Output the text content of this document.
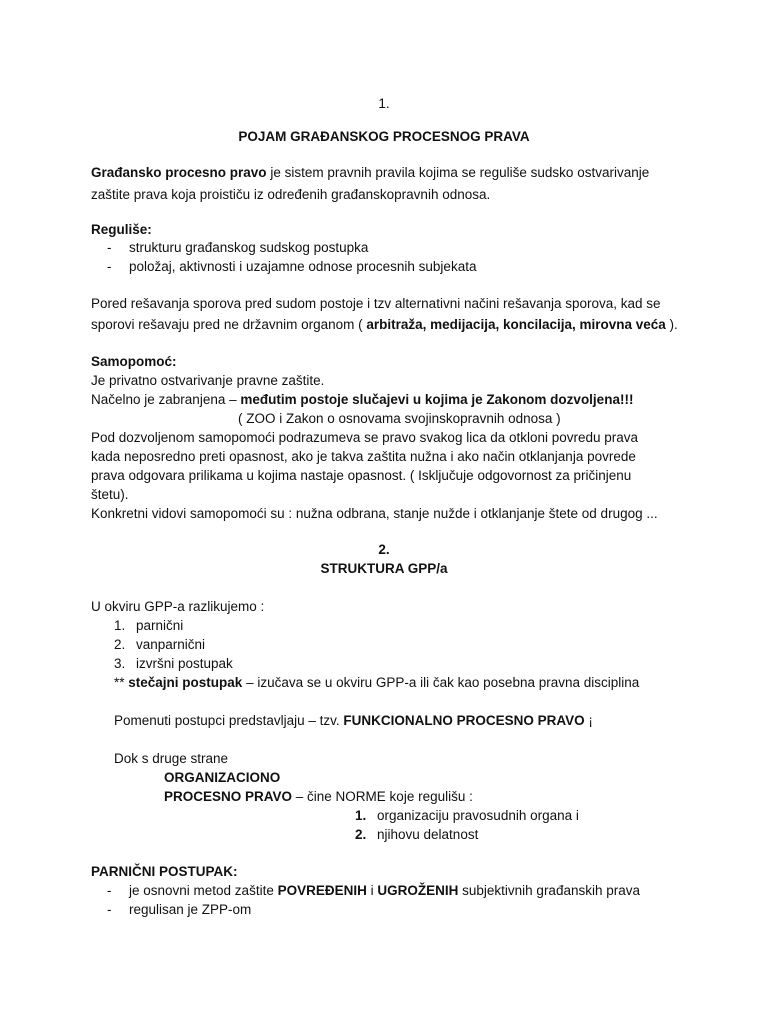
1.
POJAM GRAĐANSKOG PROCESNOG PRAVA
Građansko procesno pravo je sistem pravnih pravila kojima se reguliše sudsko ostvarivanje
zaštite prava koja proističu iz određenih građanskopravnih odnosa.
Reguliše:
- strukturu građanskog sudskog postupka
- položaj, aktivnosti i uzajamne odnose procesnih subjekata
Pored rešavanja sporova pred sudom postoje i tzv alternativni načini rešavanja sporova, kad se
sporovi rešavaju pred ne državnim organom ( arbitraža, medijacija, koncilacija, mirovna veća ).
Samopomoć:
Je privatno ostvarivanje pravne zaštite.
Načelno je zabranjena – međutim postoje slučajevi u kojima je Zakonom dozvoljena!!!
( ZOO i Zakon o osnovama svojinskopravnih odnosa )
Pod dozvoljenom samopomoći podrazumeva se pravo svakog lica da otkloni povredu prava
kada neposredno preti opasnost, ako je takva zaštita nužna i ako način otklanjanja povrede
prava odgovara prilikama u kojima nastaje opasnost. ( Isključuje odgovornost za pričinjenu
štetu).
Konkretni vidovi samopomoći su : nužna odbrana, stanje nužde i otklanjanje štete od drugog ...
2.
STRUKTURA GPP/a
U okviru GPP-a razlikujemo :
1. parnični
2. vanparnični
3. izvršni postupak
** stečajni postupak – izučava se u okviru GPP-a ili čak kao posebna pravna disciplina
Pomenuti postupci predstavljaju – tzv. FUNKCIONALNO PROCESNO PRAVO ¡
Dok s druge strane
ORGANIZACIONO
PROCESNO PRAVO – čine NORME koje regulišu :
1. organizaciju pravosudnih organa i
2. njihovu delatnost
PARNIČNI POSTUPAK:
- je osnovni metod zaštite POVREĐENIH i UGROŽENIH subjektivnih građanskih prava
- regulisan je ZPP-om
